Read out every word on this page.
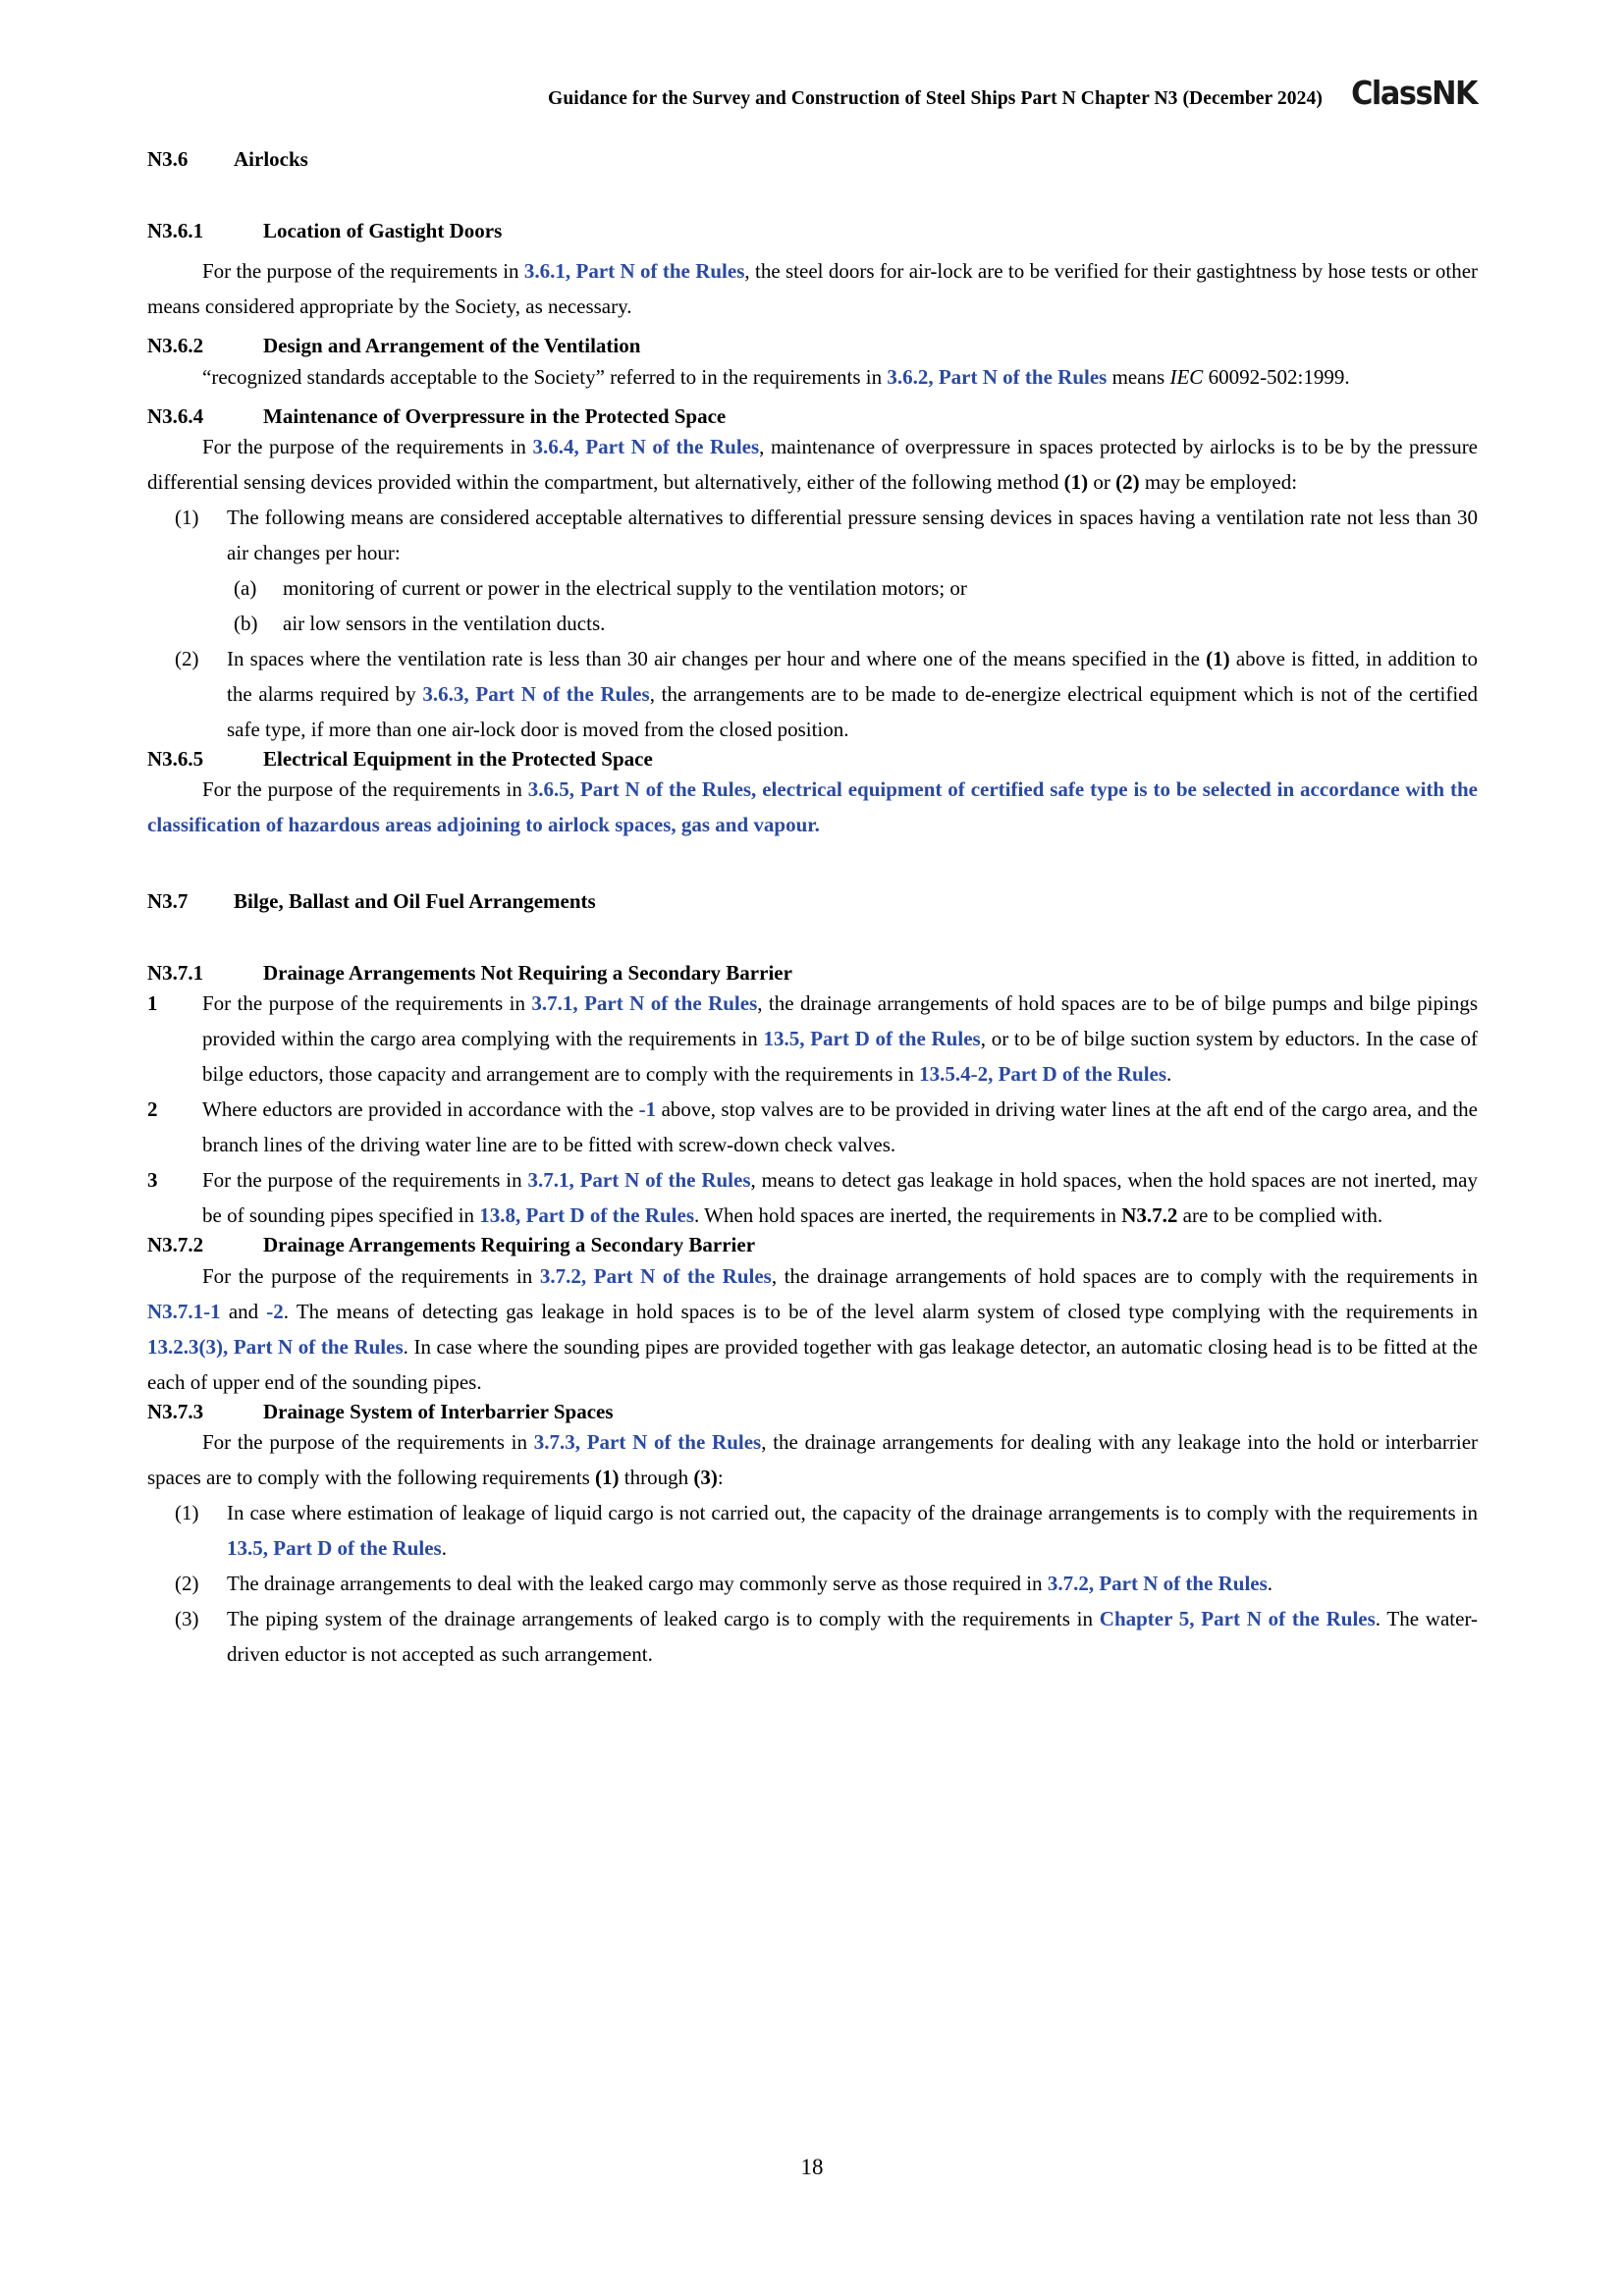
Guidance for the Survey and Construction of Steel Ships Part N Chapter N3 (December 2024) ClassNK
N3.6	Airlocks
N3.6.1	Location of Gastight Doors

For the purpose of the requirements in 3.6.1, Part N of the Rules, the steel doors for air-lock are to be verified for their gastightness by hose tests or other means considered appropriate by the Society, as necessary.

N3.6.2	Design and Arrangement of the Ventilation

“recognized standards acceptable to the Society” referred to in the requirements in 3.6.2, Part N of the Rules means IEC 60092-502:1999.

N3.6.4	Maintenance of Overpressure in the Protected Space

For the purpose of the requirements in 3.6.4, Part N of the Rules, maintenance of overpressure in spaces protected by airlocks is to be by the pressure differential sensing devices provided within the compartment, but alternatively, either of the following method (1) or (2) may be employed:

(1)	The following means are considered acceptable alternatives to differential pressure sensing devices in spaces having a ventilation rate not less than 30 air changes per hour:
(a)	monitoring of current or power in the electrical supply to the ventilation motors; or
(b)	air low sensors in the ventilation ducts.
(2)	In spaces where the ventilation rate is less than 30 air changes per hour and where one of the means specified in the (1) above is fitted, in addition to the alarms required by 3.6.3, Part N of the Rules, the arrangements are to be made to de-energize electrical equipment which is not of the certified safe type, if more than one air-lock door is moved from the closed position.
N3.6.5	Electrical Equipment in the Protected Space

For the purpose of the requirements in 3.6.5, Part N of the Rules, electrical equipment of certified safe type is to be selected in accordance with the classification of hazardous areas adjoining to airlock spaces, gas and vapour.

N3.7	Bilge, Ballast and Oil Fuel Arrangements
N3.7.1	Drainage Arrangements Not Requiring a Secondary Barrier
1	For the purpose of the requirements in 3.7.1, Part N of the Rules, the drainage arrangements of hold spaces are to be of bilge pumps and bilge pipings provided within the cargo area complying with the requirements in 13.5, Part D of the Rules, or to be of bilge suction system by eductors. In the case of bilge eductors, those capacity and arrangement are to comply with the requirements in 13.5.4-2, Part D of the Rules.
2	Where eductors are provided in accordance with the -1 above, stop valves are to be provided in driving water lines at the aft end of the cargo area, and the branch lines of the driving water line are to be fitted with screw-down check valves.
3	For the purpose of the requirements in 3.7.1, Part N of the Rules, means to detect gas leakage in hold spaces, when the hold spaces are not inerted, may be of sounding pipes specified in 13.8, Part D of the Rules. When hold spaces are inerted, the requirements in N3.7.2 are to be complied with.
N3.7.2	Drainage Arrangements Requiring a Secondary Barrier

For the purpose of the requirements in 3.7.2, Part N of the Rules, the drainage arrangements of hold spaces are to comply with the requirements in N3.7.1-1 and -2. The means of detecting gas leakage in hold spaces is to be of the level alarm system of closed type complying with the requirements in 13.2.3(3), Part N of the Rules. In case where the sounding pipes are provided together with gas leakage detector, an automatic closing head is to be fitted at the each of upper end of the sounding pipes.

N3.7.3	Drainage System of Interbarrier Spaces

For the purpose of the requirements in 3.7.3, Part N of the Rules, the drainage arrangements for dealing with any leakage into the hold or interbarrier spaces are to comply with the following requirements (1) through (3):

(1)	In case where estimation of leakage of liquid cargo is not carried out, the capacity of the drainage arrangements is to comply with the requirements in 13.5, Part D of the Rules.
(2)	The drainage arrangements to deal with the leaked cargo may commonly serve as those required in 3.7.2, Part N of the Rules.
(3)	The piping system of the drainage arrangements of leaked cargo is to comply with the requirements in Chapter 5, Part N of the Rules. The water-driven eductor is not accepted as such arrangement.
18
